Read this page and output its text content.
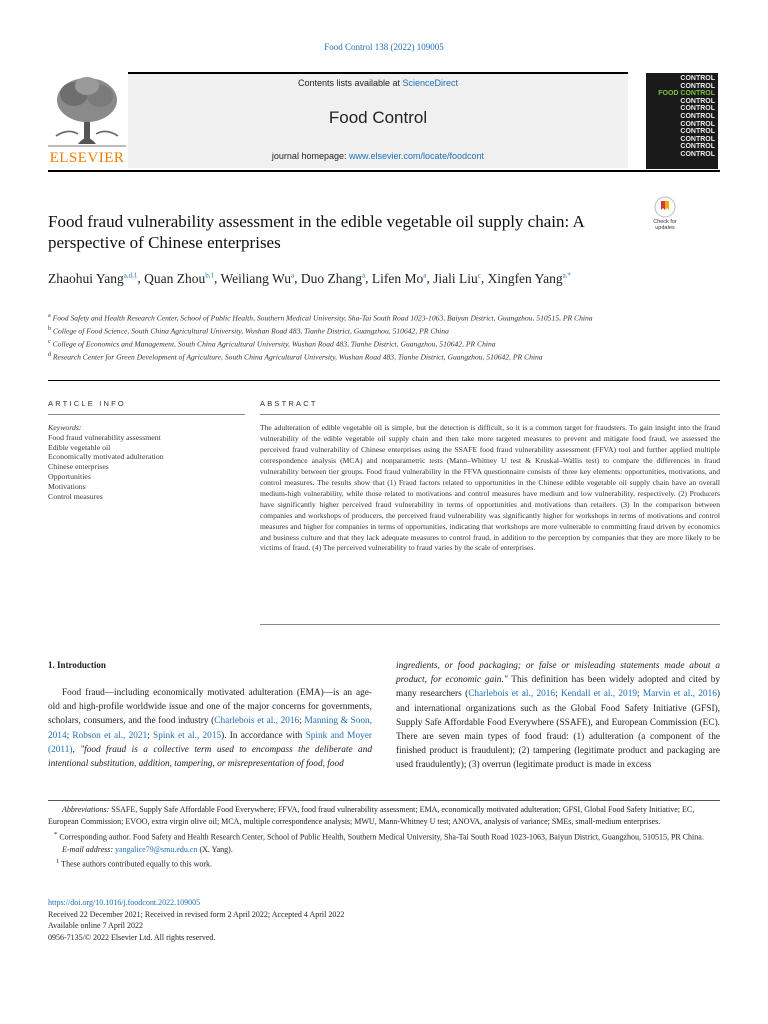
Food Control 138 (2022) 109005
ELSEVIER
Contents lists available at ScienceDirect
Food Control
journal homepage: www.elsevier.com/locate/foodcont
CONTROL
CONTROL
FOOD CONTROL
CONTROL
CONTROL
CONTROL
CONTROL
CONTROL
CONTROL
CONTROL
CONTROL
Check for updates
Food fraud vulnerability assessment in the edible vegetable oil supply chain: A perspective of Chinese enterprises
Zhaohui Yang$^{a,d,1}$, Quan Zhou$^{b,1}$, Weiliang Wu$^a$, Duo Zhang$^a$, Lifen Mo$^a$, Jiali Liu$^c$, Xingfen Yang$^{a,*}$
$^a$ Food Safety and Health Research Center, School of Public Health, Southern Medical University, Sha-Tai South Road 1023-1063, Baiyun District, Guangzhou, 510515, PR China
$^b$ College of Food Science, South China Agricultural University, Wushan Road 483, Tianhe District, Guangzhou, 510642, PR China
$^c$ College of Economics and Management, South China Agricultural University, Wushan Road 483, Tianhe District, Guangzhou, 510642, PR China
$^d$ Research Center for Green Development of Agriculture, South China Agricultural University, Wushan Road 483, Tianhe District, Guangzhou, 510642, PR China
ARTICLE INFO
Keywords:
Food fraud vulnerability assessment
Edible vegetable oil
Economically motivated adulteration
Chinese enterprises
Opportunities
Motivations
Control measures
ABSTRACT
The adulteration of edible vegetable oil is simple, but the detection is difficult, so it is a common target for fraudsters. To gain insight into the fraud vulnerability of the edible vegetable oil supply chain and then take more targeted measures to prevent and mitigate food fraud, we assessed the perceived fraud vulnerability of Chinese enterprises using the SSAFE food fraud vulnerability assessment (FFVA) tool and further applied multiple correspondence analysis (MCA) and nonparametric tests (Mann–Whitney U test & Kruskal–Wallis test) to compare the differences in fraud vulnerability between tier groups. Food fraud vulnerability in the FFVA questionnaire consists of three key elements: opportunities, motivations, and control measures. The results show that (1) Fraud factors related to opportunities in the Chinese edible vegetable oil supply chain have an overall medium-high vulnerability, while those related to motivations and control measures have medium and low vulnerability, respectively. (2) Producers have significantly higher perceived fraud vulnerability in terms of opportunities and motivations than retailers. (3) In the comparison between companies and workshops of producers, the perceived fraud vulnerability was significantly higher for workshops in terms of motivations and control measures and higher for companies in terms of opportunities, indicating that workshops are more vulnerable to committing fraud driven by economics and business culture and that they lack adequate measures to control fraud, in addition to the perception by companies that they are more likely to be victims of fraud. (4) The perceived vulnerability to fraud varies by the scale of enterprises.
1. Introduction
Food fraud—including economically motivated adulteration (EMA)—is an age-old and high-profile worldwide issue and one of the major concerns for governments, scholars, consumers, and the food industry (Charlebois et al., 2016; Manning & Soon, 2014; Robson et al., 2021; Spink et al., 2015). In accordance with Spink and Moyer (2011), "food fraud is a collective term used to encompass the deliberate and intentional substitution, addition, tampering, or misrepresentation of food, food
ingredients, or food packaging; or false or misleading statements made about a product, for economic gain." This definition has been widely adopted and cited by many researchers (Charlebois et al., 2016; Kendall et al., 2019; Marvin et al., 2016) and international organizations such as the Global Food Safety Initiative (GFSI), Supply Safe Affordable Food Everywhere (SSAFE), and European Commission (EC). There are seven main types of food fraud: (1) adulteration (a component of the finished product is fraudulent); (2) tampering (legitimate product and packaging are used fraudulently); (3) overrun (legitimate product is made in excess
Abbreviations: SSAFE, Supply Safe Affordable Food Everywhere; FFVA, food fraud vulnerability assessment; EMA, economically motivated adulteration; GFSI, Global Food Safety Initiative; EC, European Commission; EVOO, extra virgin olive oil; MCA, multiple correspondence analysis; MWU, Mann-Whitney U test; ANOVA, analysis of variance; SMEs, small-medium enterprises.
* Corresponding author. Food Safety and Health Research Center, School of Public Health, Southern Medical University, Sha-Tai South Road 1023-1063, Baiyun District, Guangzhou, 510515, PR China.
E-mail address: yangalice79@smu.edu.cn (X. Yang).
$^1$ These authors contributed equally to this work.
https://doi.org/10.1016/j.foodcont.2022.109005
Received 22 December 2021; Received in revised form 2 April 2022; Accepted 4 April 2022
Available online 7 April 2022
0956-7135/© 2022 Elsevier Ltd. All rights reserved.
